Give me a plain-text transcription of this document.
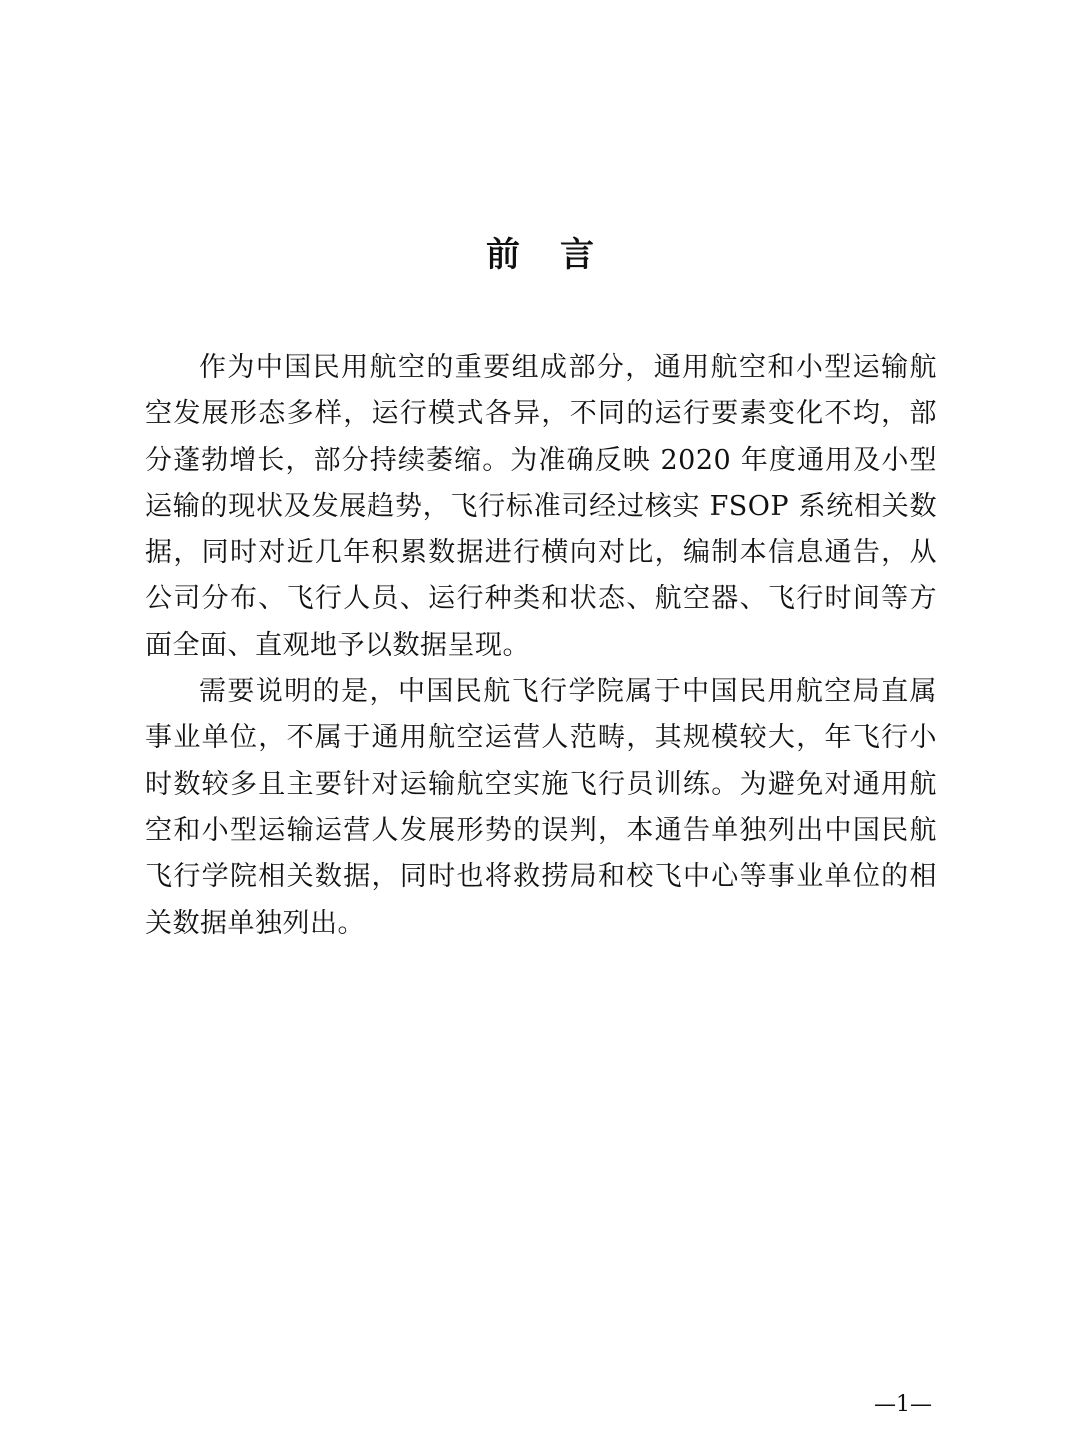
前言

作为中国民用航空的重要组成部分，通用航空和小型运输航空发展形态多样，运行模式各异，不同的运行要素变化不均，部分蓬勃增长，部分持续萎缩。为准确反映 2020 年度通用及小型运输的现状及发展趋势，飞行标准司经过核实 FSOP 系统相关数据，同时对近几年积累数据进行横向对比，编制本信息通告，从公司分布、飞行人员、运行种类和状态、航空器、飞行时间等方面全面、直观地予以数据呈现。

需要说明的是，中国民航飞行学院属于中国民用航空局直属事业单位，不属于通用航空运营人范畴，其规模较大，年飞行小时数较多且主要针对运输航空实施飞行员训练。为避免对通用航空和小型运输运营人发展形势的误判，本通告单独列出中国民航飞行学院相关数据，同时也将救捞局和校飞中心等事业单位的相关数据单独列出。

—1—
